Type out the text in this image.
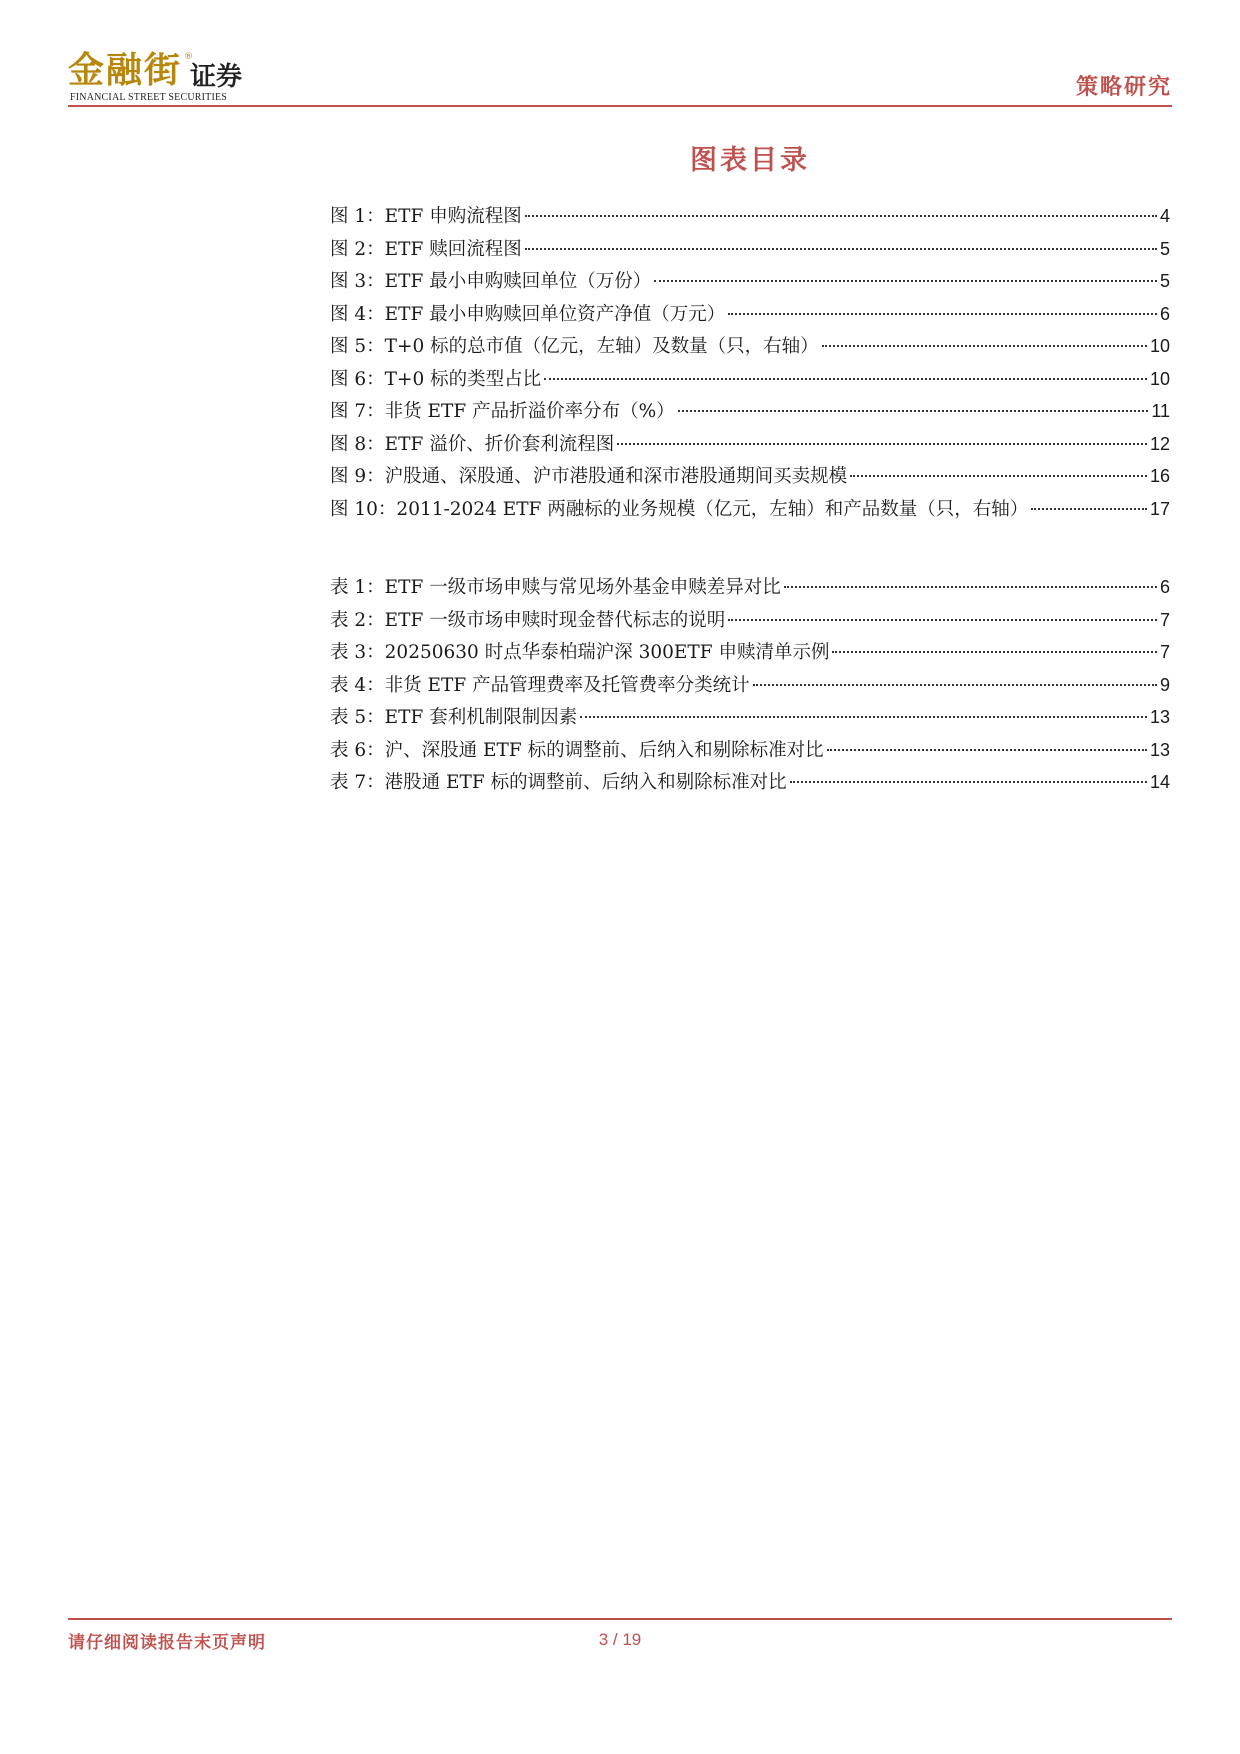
金融街 ®
证券
FINANCIAL STREET SECURITIES	策略研究
图表目录
图 1：ETF 申购流程图	4
图 2：ETF 赎回流程图	5
图 3：ETF 最小申购赎回单位（万份）	5
图 4：ETF 最小申购赎回单位资产净值（万元）	6
图 5：T+0 标的总市值（亿元，左轴）及数量（只，右轴）	10
图 6：T+0 标的类型占比	10
图 7：非货 ETF 产品折溢价率分布（%）	11
图 8：ETF 溢价、折价套利流程图	12
图 9：沪股通、深股通、沪市港股通和深市港股通期间买卖规模	16
图 10：2011-2024 ETF 两融标的业务规模（亿元，左轴）和产品数量（只，右轴）	17
表 1：ETF 一级市场申赎与常见场外基金申赎差异对比	6
表 2：ETF 一级市场申赎时现金替代标志的说明	7
表 3：20250630 时点华泰柏瑞沪深 300ETF 申赎清单示例	7
表 4：非货 ETF 产品管理费率及托管费率分类统计	9
表 5：ETF 套利机制限制因素	13
表 6：沪、深股通 ETF 标的调整前、后纳入和剔除标准对比	13
表 7：港股通 ETF 标的调整前、后纳入和剔除标准对比	14
请仔细阅读报告末页声明	3 / 19
